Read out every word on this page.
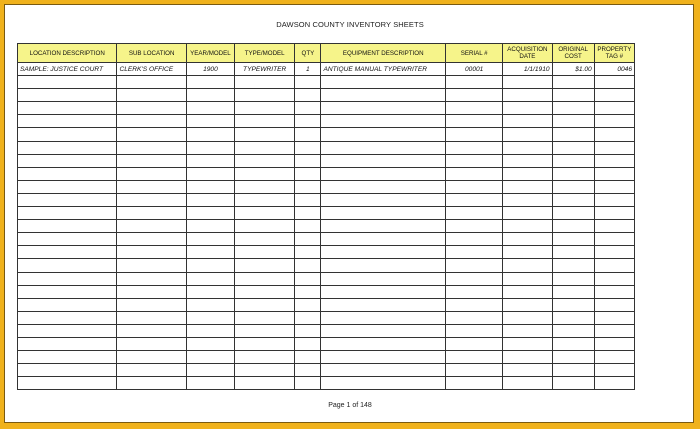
DAWSON COUNTY INVENTORY SHEETS
LOCATION DESCRIPTION	SUB LOCATION	YEAR/MODEL	TYPE/MODEL	QTY	EQUIPMENT DESCRIPTION	SERIAL #	ACQUISITION DATE	ORIGINAL COST	PROPERTY TAG #
SAMPLE: JUSTICE COURT	CLERK'S OFFICE	1900	TYPEWRITER	1	ANTIQUE MANUAL TYPEWRITER	00001	1/1/1910	$1.00	0046

Page 1 of 148
